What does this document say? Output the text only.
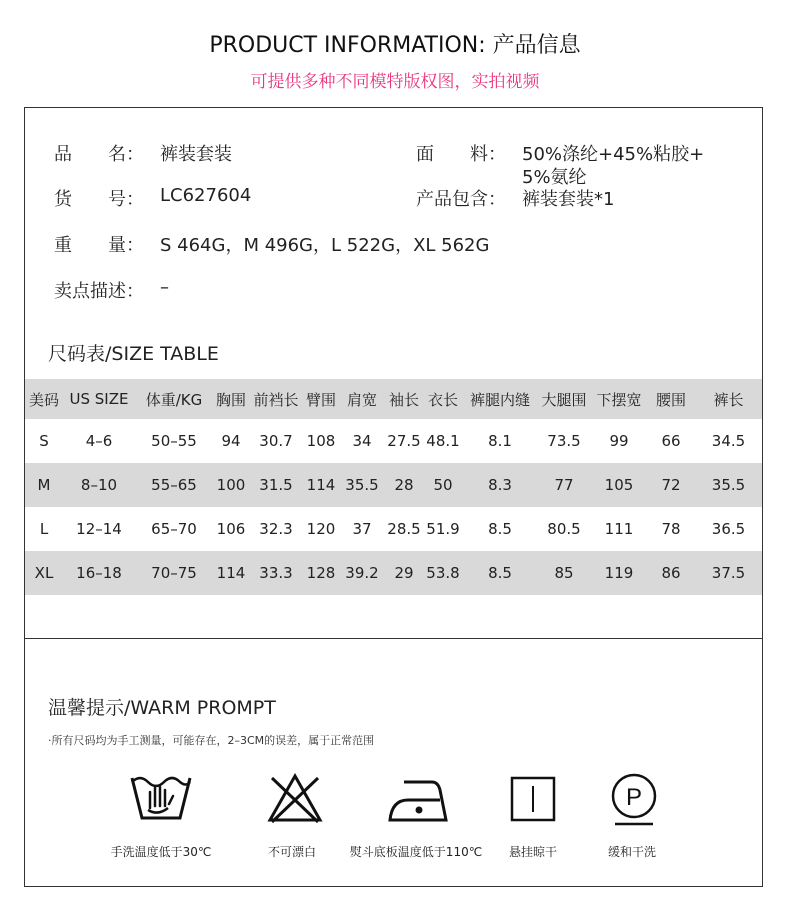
PRODUCT INFORMATION: 产品信息
可提供多种不同模特版权图，实拍视频
品　　名： 裤装套装	面　　料： 50%涤纶+45%粘胶+
5%氨纶
货　　号： LC627604	产品包含： 裤装套装*1
重　　量： S 464G，M 496G，L 522G，XL 562G
卖点描述： –
尺码表/SIZE TABLE
美码	US SIZE	体重/KG	胸围	前裆长	臂围	肩宽	袖长	衣长	裤腿内缝	大腿围	下摆宽	腰围	裤长
S	4–6	50–55	94	30.7	108	34	27.5	48.1	8.1	73.5	99	66	34.5
M	8–10	55–65	100	31.5	114	35.5	28	50	8.3	77	105	72	35.5
L	12–14	65–70	106	32.3	120	37	28.5	51.9	8.5	80.5	111	78	36.5
XL	16–18	70–75	114	33.3	128	39.2	29	53.8	8.5	85	119	86	37.5
温馨提示/WARM PROMPT
·所有尺码均为手工测量，可能存在，2–3CM的误差，属于正常范围
P
手洗温度低于30℃	不可漂白	熨斗底板温度低于110℃ 悬挂晾干	缓和干洗
